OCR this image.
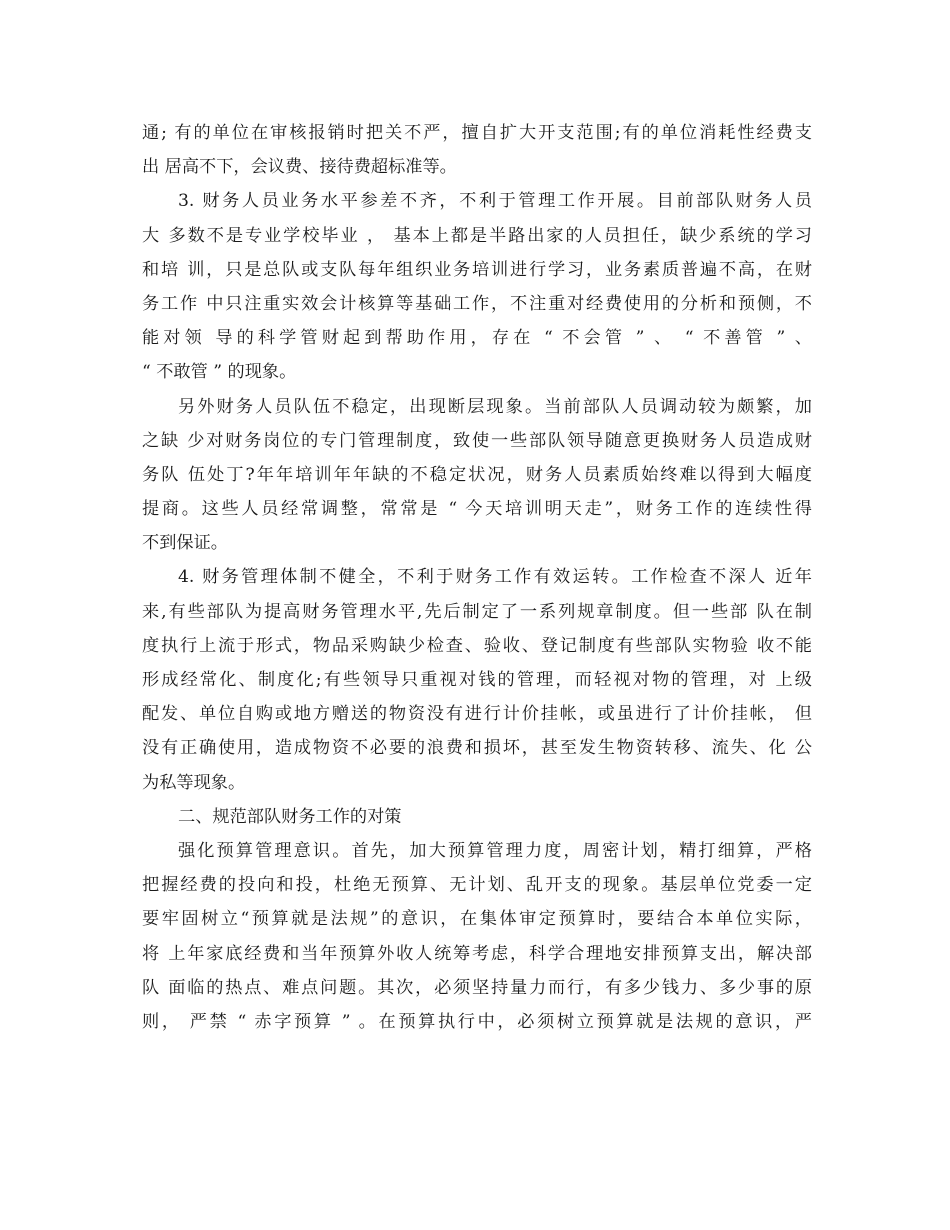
通; 有的单位在审核报销时把关不严，擅自扩大开支范围;有的单位消耗性经费支
出 居高不下，会议费、接待费超标准等。
3. 财务人员业务水平参差不齐，不利于管理工作开展。目前部队财务人员
大 多数不是专业学校毕业 ， 基本上都是半路出家的人员担任，缺少系统的学习
和培 训，只是总队或支队每年组织业务培训进行学习，业务素质普遍不高，在财
务工作 中只注重实效会计核算等基础工作，不注重对经费使用的分析和预侧，不
能对领 导的科学管财起到帮助作用，存在 “ 不会管 ” 、 “ 不善管 ” 、
“ 不敢管 ” 的现象。
另外财务人员队伍不稳定，出现断层现象。当前部队人员调动较为颇繁，加
之缺 少对财务岗位的专门管理制度，致使一些部队领导随意更换财务人员造成财
务队 伍处丁?年年培训年年缺的不稳定状况，财务人员素质始终难以得到大幅度
提商。这些人员经常调整，常常是 “ 今天培训明天走”，财务工作的连续性得
不到保证。
4. 财务管理体制不健全，不利于财务工作有效运转。工作检查不深人 近年
来,有些部队为提高财务管理水平,先后制定了一系列规章制度。但一些部 队在制
度执行上流于形式，物品采购缺少检查、验收、登记制度有些部队实物验 收不能
形成经常化、制度化;有些领导只重视对钱的管理，而轻视对物的管理，对 上级
配发、单位自购或地方赠送的物资没有进行计价挂帐，或虽进行了计价挂帐， 但
没有正确使用，造成物资不必要的浪费和损坏，甚至发生物资转移、流失、化 公
为私等现象。
二、规范部队财务工作的对策
强化预算管理意识。首先，加大预算管理力度，周密计划，精打细算，严格
把握经费的投向和投，杜绝无预算、无计划、乱开支的现象。基层单位党委一定
要牢固树立“预算就是法规”的意识，在集体审定预算时，要结合本单位实际，
将 上年家底经费和当年预算外收人统筹考虑，科学合理地安排预算支出，解决部
队 面临的热点、难点问题。其次，必须坚持量力而行，有多少钱力、多少事的原
则， 严禁 “ 赤字预算 ” 。在预算执行中，必须树立预算就是法规的意识，严
